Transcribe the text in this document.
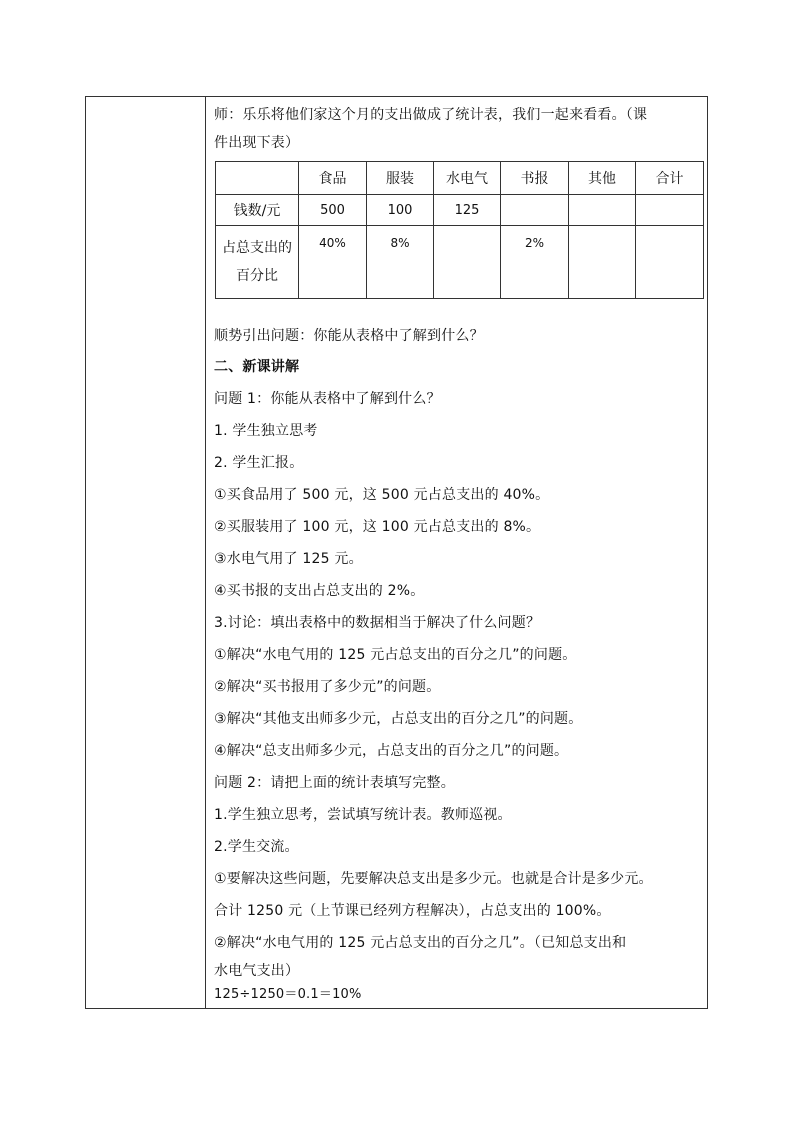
师：乐乐将他们家这个月的支出做成了统计表，我们一起来看看。（课
件出现下表）
	食品	服装	水电气	书报	其他	合计
钱数/元	500	100	125			

占总支出的百分比	40%	8%		2%		
顺势引出问题：你能从表格中了解到什么？
二、新课讲解
问题 1：你能从表格中了解到什么？
1. 学生独立思考
2. 学生汇报。
①买食品用了 500 元，这 500 元占总支出的 40%。
②买服装用了 100 元，这 100 元占总支出的 8%。
③水电气用了 125 元。
④买书报的支出占总支出的 2%。
3.讨论：填出表格中的数据相当于解决了什么问题？
①解决“水电气用的 125 元占总支出的百分之几”的问题。
②解决“买书报用了多少元”的问题。
③解决“其他支出师多少元，占总支出的百分之几”的问题。
④解决“总支出师多少元，占总支出的百分之几”的问题。
问题 2：请把上面的统计表填写完整。
1.学生独立思考，尝试填写统计表。教师巡视。
2.学生交流。
①要解决这些问题，先要解决总支出是多少元。也就是合计是多少元。
合计 1250 元（上节课已经列方程解决），占总支出的 100%。
②解决“水电气用的 125 元占总支出的百分之几”。（已知总支出和
水电气支出）
125÷1250＝0.1＝10%
